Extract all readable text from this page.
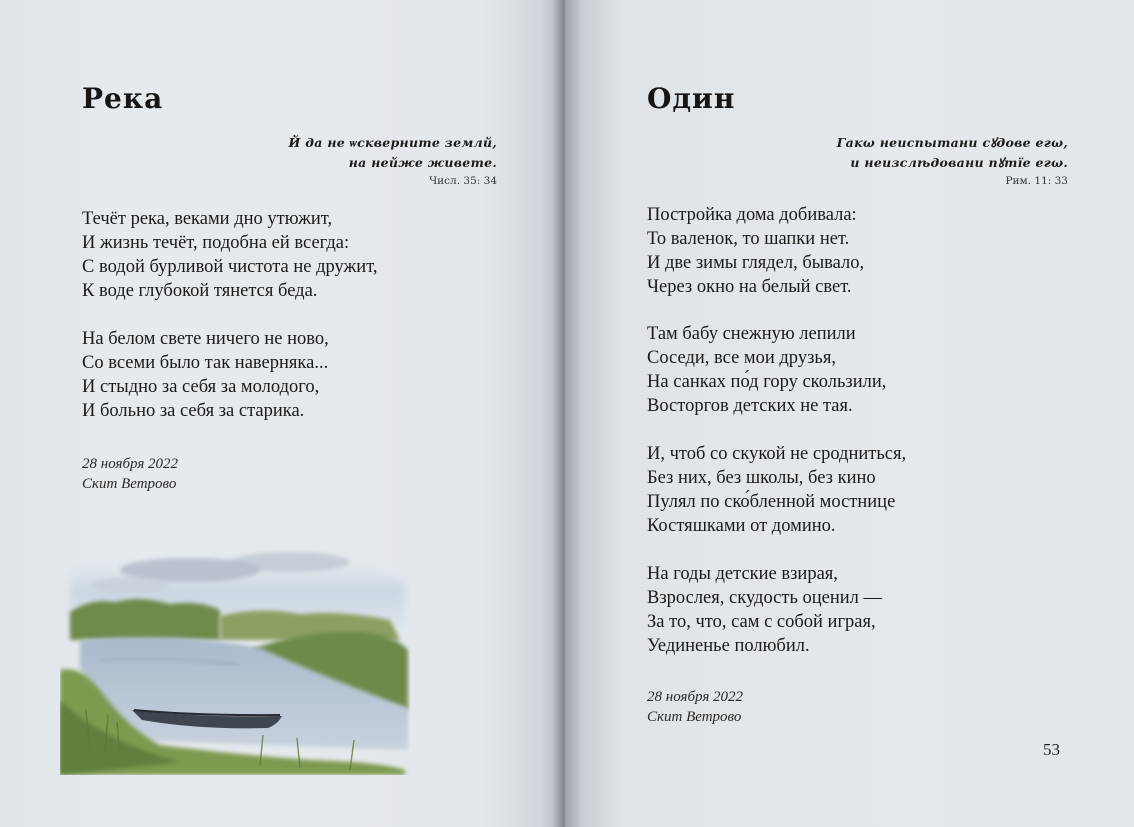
Река
Й да не ѡскверните землй,
на нейже живете.
Числ. 35: 34
Течёт река, веками дно утюжит,
И жизнь течёт, подобна ей всегда:
С водой бурливой чистота не дружит,
К воде глубокой тянется беда.
На белом свете ничего не ново,
Со всеми было так наверняка...
И стыдно за себя за молодого,
И больно за себя за старика.
28 ноября 2022
Скит Ветрово
Один
Гакω неиспытани сꙋдове егω,
и неизслѣдовани пꙋтїе егω.
Рим. 11: 33
Постройка дома добивала:
То валенок, то шапки нет.
И две зимы глядел, бывало,
Через окно на белый свет.
Там бабу снежную лепили
Соседи, все мои друзья,
На санках по́д гору скользили,
Восторгов детских не тая.
И, чтоб со скукой не сродниться,
Без них, без школы, без кино
Пулял по ско́бленной мостнице
Костяшками от домино.
На годы детские взирая,
Взрослея, скудость оценил —
За то, что, сам с собой играя,
Уединенье полюбил.
28 ноября 2022
Скит Ветрово
53
